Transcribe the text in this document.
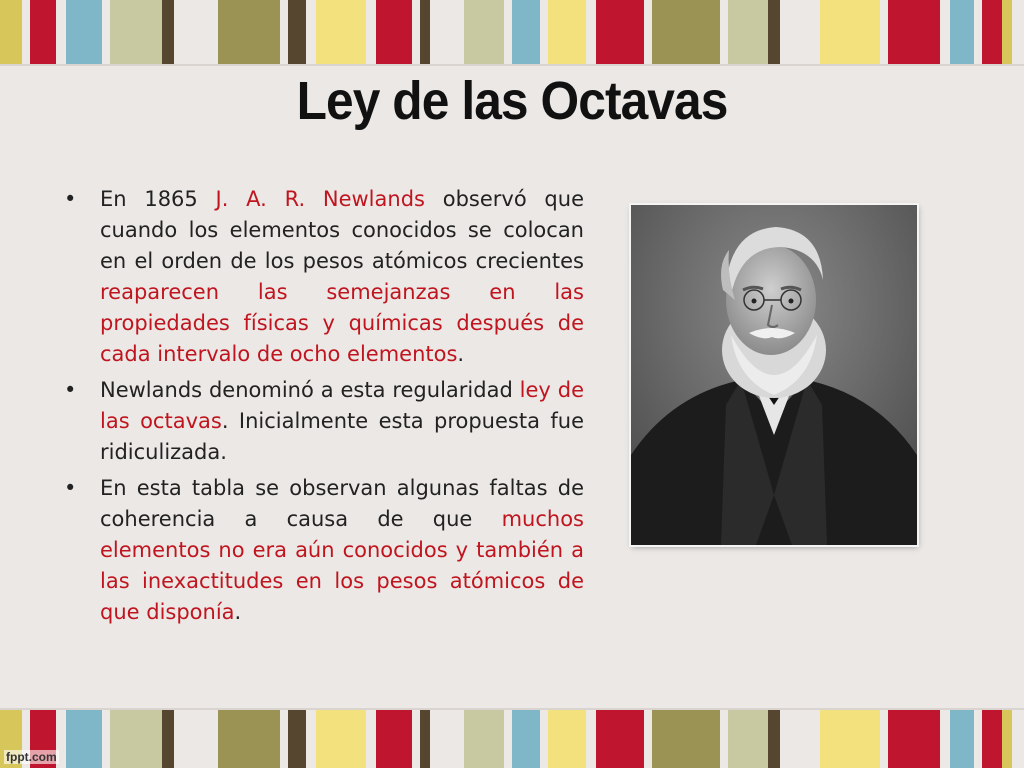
Ley de las Octavas
• En 1865 J. A. R. Newlands observó que cuando los elementos conocidos se colocan en el orden de los pesos atómicos crecientes reaparecen las semejanzas en las propiedades físicas y químicas después de cada intervalo de ocho elementos.
• Newlands denominó a esta regularidad ley de las octavas. Inicialmente esta propuesta fue ridiculizada.
• En esta tabla se observan algunas faltas de coherencia a causa de que muchos elementos no era aún conocidos y también a las inexactitudes en los pesos atómicos de que disponía.
fppt.com
